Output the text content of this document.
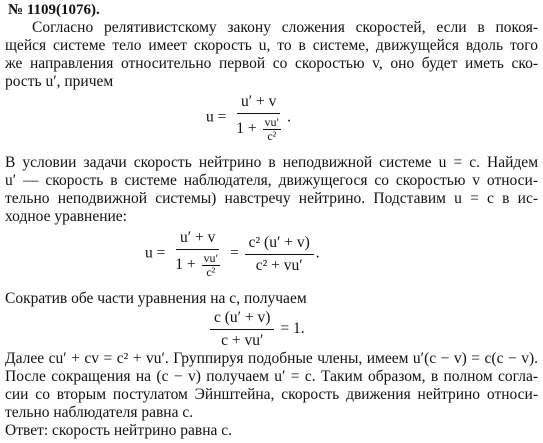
№ 1109(1076).
Согласно релятивистскому закону сложения скоростей, если в покоя-
щейся системе тело имеет скорость u, то в системе, движущейся вдоль того
же направления относительно первой со скоростью v, оно будет иметь ско-
рость u′, причем
$u = \frac{u' + v}{1 + \frac{vu'}{\text{c²}}}$ .
В условии задачи скорость нейтрино в неподвижной системе u = c. Найдем
u′ — скорость в системе наблюдателя, движущегося со скоростью v относи-
тельно неподвижной системы) навстречу нейтрино. Подставим u = c в ис-
ходное уравнение:
$u = \frac{u' + v}{1 + \frac{vu'}{\text{c²}}} = \frac{\text{c² (u′ + v)}}{\text{c² + vu′}}$ .
Сократив обе части уравнения на c, получаем
$\frac{c (u' + v)}{c + vu'} = 1$.
Далее cu′ + cv = c² + vu′. Группируя подобные члены, имеем u′(c − v) = c(c − v).
После сокращения на (c − v) получаем u′ = c. Таким образом, в полном согла-
сии со вторым постулатом Эйнштейна, скорость движения нейтрино относи-
тельно наблюдателя равна c.
Ответ: скорость нейтрино равна c.
